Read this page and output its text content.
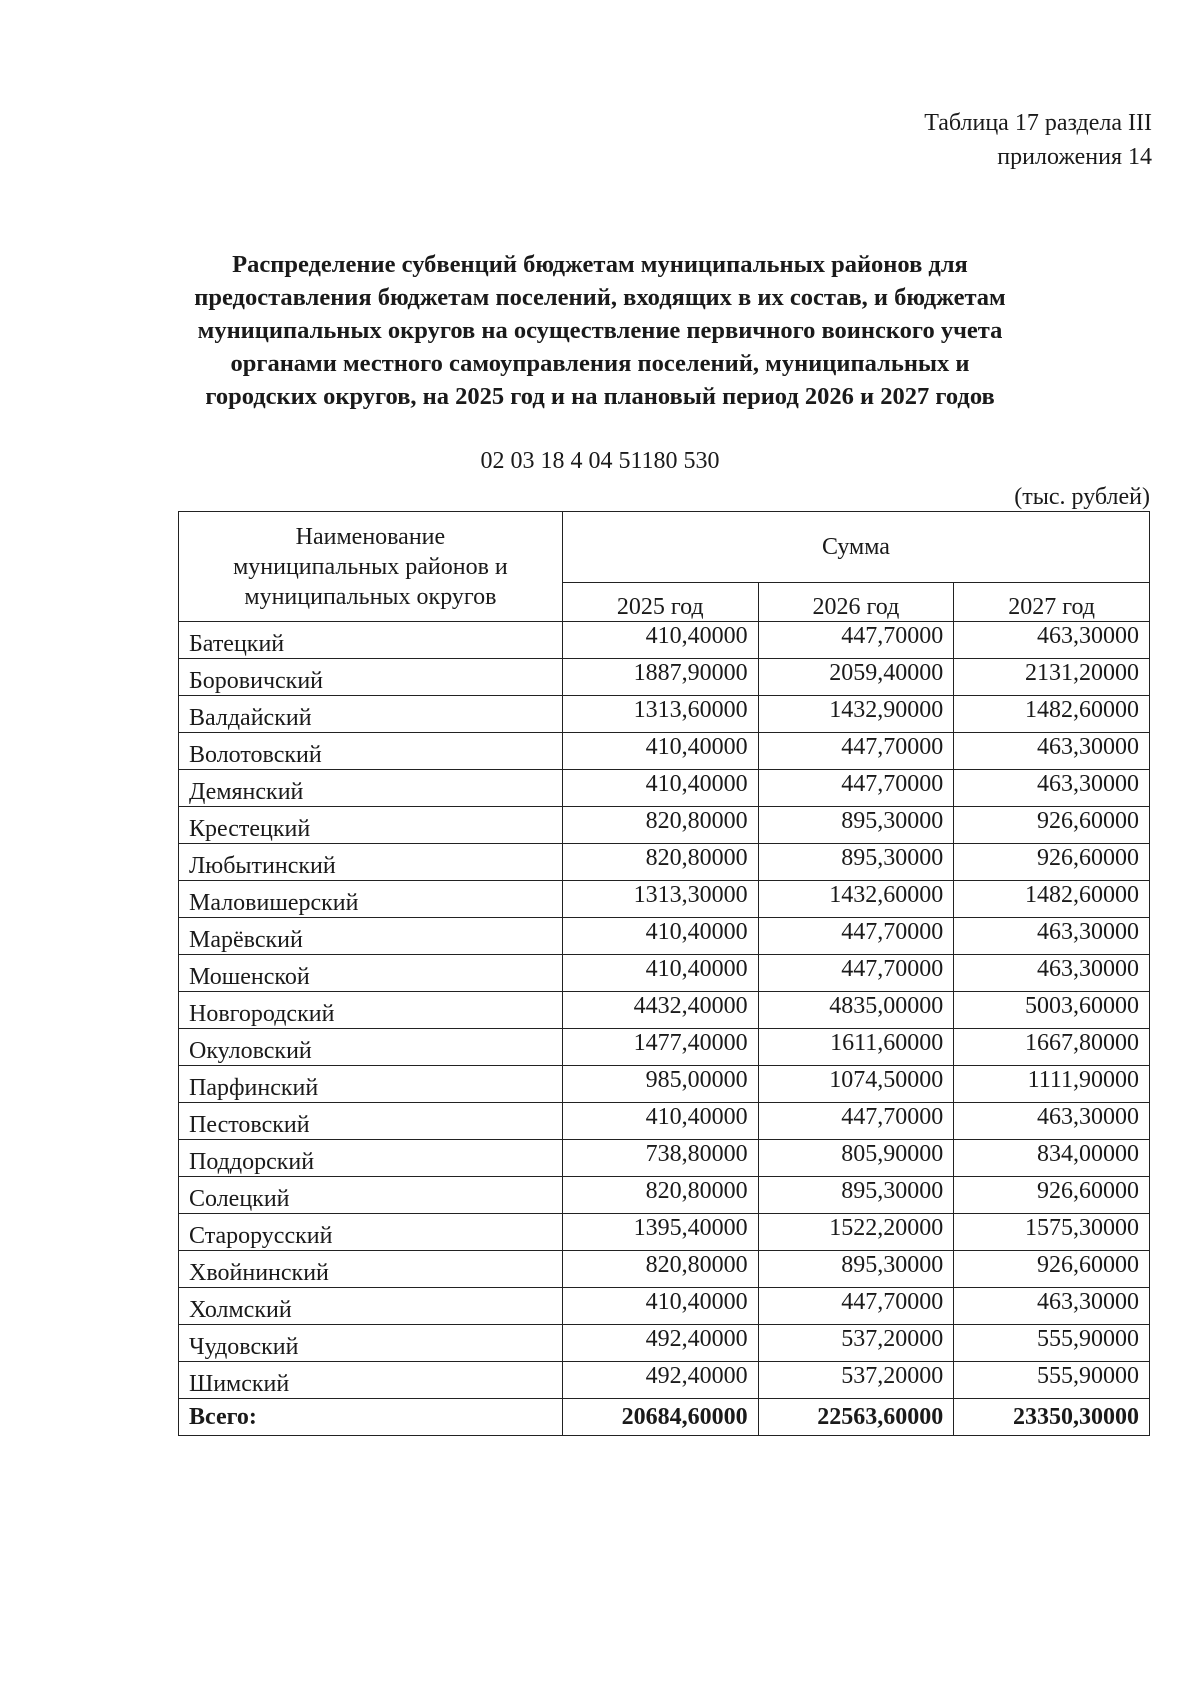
Таблица 17 раздела III
приложения 14
Распределение субвенций бюджетам муниципальных районов для
предоставления бюджетам поселений, входящих в их состав, и бюджетам
муниципальных округов на осуществление первичного воинского учета
органами местного самоуправления поселений, муниципальных и
городских округов, на 2025 год и на плановый период 2026 и 2027 годов
02 03 18 4 04 51180 530
(тыс. рублей)
Наименование
муниципальных районов и
муниципальных округов	Сумма		
	2025 год	2026 год	2027 год
Батецкий	410,40000	447,70000	463,30000
Боровичский	1887,90000	2059,40000	2131,20000
Валдайский	1313,60000	1432,90000	1482,60000
Волотовский	410,40000	447,70000	463,30000
Демянский	410,40000	447,70000	463,30000
Крестецкий	820,80000	895,30000	926,60000
Любытинский	820,80000	895,30000	926,60000
Маловишерский	1313,30000	1432,60000	1482,60000
Марёвский	410,40000	447,70000	463,30000
Мошенской	410,40000	447,70000	463,30000
Новгородский	4432,40000	4835,00000	5003,60000
Окуловский	1477,40000	1611,60000	1667,80000
Парфинский	985,00000	1074,50000	1111,90000
Пестовский	410,40000	447,70000	463,30000
Поддорский	738,80000	805,90000	834,00000
Солецкий	820,80000	895,30000	926,60000
Старорусский	1395,40000	1522,20000	1575,30000
Хвойнинский	820,80000	895,30000	926,60000
Холмский	410,40000	447,70000	463,30000
Чудовский	492,40000	537,20000	555,90000
Шимский	492,40000	537,20000	555,90000
Всего:	20684,60000	22563,60000	23350,30000
